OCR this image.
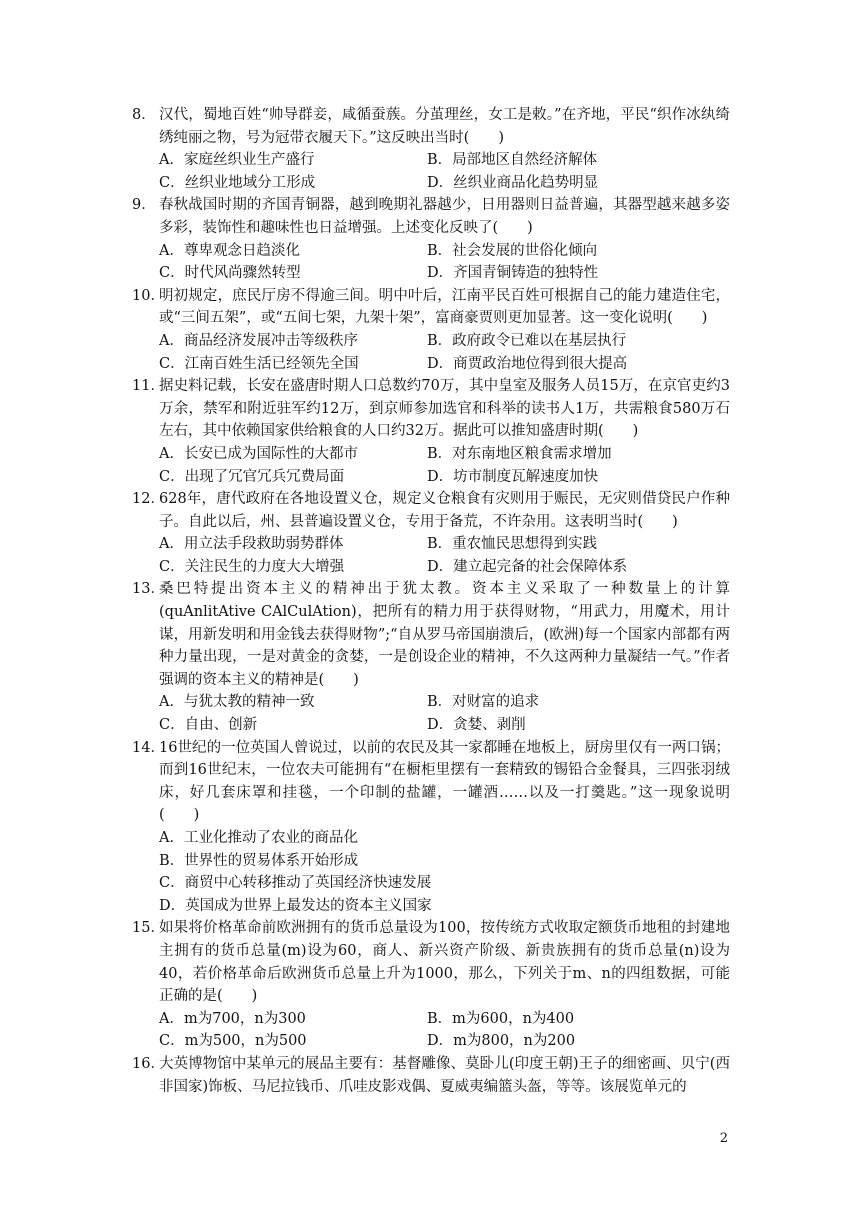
8． 汉代，蜀地百姓“帅导群妾，咸循蚕蔟。分茧理丝，女工是敕。”在齐地，平民“织作冰纨绮绣纯丽之物，号为冠带衣履天下。”这反映出当时(　　)
A．家庭丝织业生产盛行	B．局部地区自然经济解体
C．丝织业地域分工形成	D．丝织业商品化趋势明显
9． 春秋战国时期的齐国青铜器，越到晚期礼器越少，日用器则日益普遍，其器型越来越多姿多彩，装饰性和趣味性也日益增强。上述变化反映了(　　)
A．尊卑观念日趋淡化	B．社会发展的世俗化倾向
C．时代风尚骤然转型	D．齐国青铜铸造的独特性
10．
明初规定，庶民厅房不得逾三间。明中叶后，江南平民百姓可根据自己的能力建造住宅，或“三间五架”，或“五间七架，九架十架”，富商豪贾则更加显著。这一变化说明(　　)
A．商品经济发展冲击等级秩序	B．政府政令已难以在基层执行
C．江南百姓生活已经领先全国	D．商贾政治地位得到很大提高
11．
据史料记载，长安在盛唐时期人口总数约70万，其中皇室及服务人员15万，在京官吏约3万余，禁军和附近驻军约12万，到京师参加选官和科举的读书人1万，共需粮食580万石左右，其中依赖国家供给粮食的人口约32万。据此可以推知盛唐时期(　　)
A．长安已成为国际性的大都市	B．对东南地区粮食需求增加
C．出现了冗官冗兵冗费局面	D．坊市制度瓦解速度加快
12．
628年，唐代政府在各地设置义仓，规定义仓粮食有灾则用于赈民，无灾则借贷民户作种子。自此以后，州、县普遍设置义仓，专用于备荒，不许杂用。这表明当时(　　)
A．用立法手段救助弱势群体	B．重农恤民思想得到实践
C．关注民生的力度大大增强	D．建立起完备的社会保障体系
13．
桑巴特提出资本主义的精神出于犹太教。资本主义采取了一种数量上的计算(quAnlitAtive CAlCulAtion)，把所有的精力用于获得财物，“用武力，用魔术，用计谋，用新发明和用金钱去获得财物”;“自从罗马帝国崩溃后，(欧洲)每一个国家内部都有两种力量出现，一是对黄金的贪婪，一是创设企业的精神，不久这两种力量凝结一气。”作者强调的资本主义的精神是(　　)
A．与犹太教的精神一致	B．对财富的追求
C．自由、创新	D．贪婪、剥削
14．
16世纪的一位英国人曾说过，以前的农民及其一家都睡在地板上，厨房里仅有一两口锅；而到16世纪末，一位农夫可能拥有“在橱柜里摆有一套精致的锡铅合金餐具，三四张羽绒床，好几套床罩和挂毯，一个印制的盐罐，一罐酒……以及一打羹匙。”这一现象说明(　　)
A．工业化推动了农业的商品化
B．世界性的贸易体系开始形成
C．商贸中心转移推动了英国经济快速发展
D．英国成为世界上最发达的资本主义国家
15．
如果将价格革命前欧洲拥有的货币总量设为100，按传统方式收取定额货币地租的封建地主拥有的货币总量(m)设为60，商人、新兴资产阶级、新贵族拥有的货币总量(n)设为40，若价格革命后欧洲货币总量上升为1000，那么，下列关于m、n的四组数据，可能正确的是(　　)
A．m为700，n为300	B．m为600，n为400
C．m为500，n为500	D．m为800，n为200
16．
大英博物馆中某单元的展品主要有：基督雕像、莫卧儿(印度王朝)王子的细密画、贝宁(西非国家)饰板、马尼拉钱币、爪哇皮影戏偶、夏威夷编篮头盔，等等。该展览单元的
2
